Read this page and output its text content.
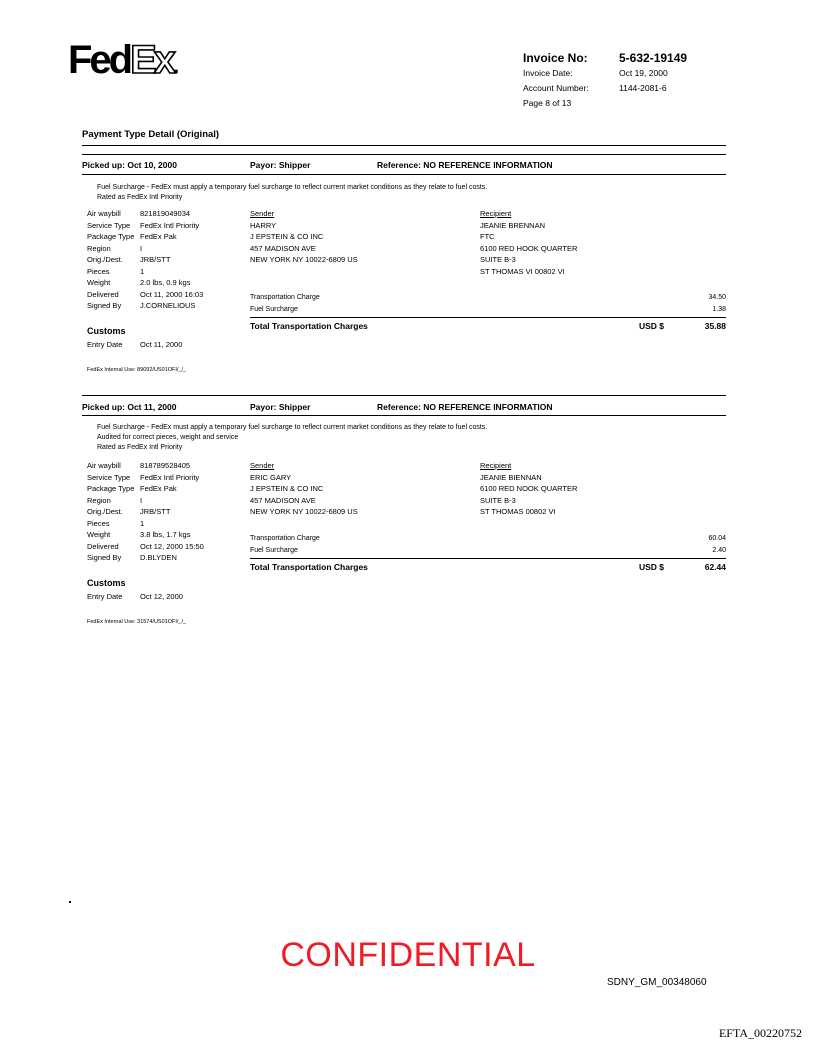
FedEx.	Invoice No:	5-632-19149
Invoice Date:	Oct 19, 2000
Account Number:	1144-2081-6
Page 8 of 13
Payment Type Detail (Original)
Picked up: Oct 10, 2000	Payor: Shipper	Reference: NO REFERENCE INFORMATION
Fuel Surcharge - FedEx must apply a temporary fuel surcharge to reflect current market conditions as they relate to fuel costs.
Rated as FedEx Intl Priority
Air waybill	821819049034
Service Type	FedEx Intl Priority
Package Type FedEx Pak
Region	I
Orig./Dest.	JRB/STT
Pieces	1
Weight	2.0 lbs, 0.9 kgs
Delivered	Oct 11, 2000 16:03
Signed By	J.CORNELIOUS
Sender
HARRY
J EPSTEIN & CO INC
457 MADISON AVE
NEW YORK NY 10022-6809 US
Recipient
JEANIE BRENNAN
FTC
6100 RED HOOK QUARTER
SUITE B-3
ST THOMAS VI 00802 VI
Transportation Charge	34.50
Fuel Surcharge	1.38
Total Transportation Charges	USD $	35.88
Customs
Entry Date	Oct 11, 2000
FedEx Internal Use: 89092/US01OFI/_/_
Picked up: Oct 11, 2000	Payor: Shipper	Reference: NO REFERENCE INFORMATION
Fuel Surcharge - FedEx must apply a temporary fuel surcharge to reflect current market conditions as they relate to fuel costs.
Audited for correct pieces, weight and service
Rated as FedEx Intl Priority
Air waybill	818789528405
Service Type	FedEx Intl Priority
Package Type FedEx Pak
Region	I
Orig./Dest.	JRB/STT
Pieces	1
Weight	3.8 lbs, 1.7 kgs
Delivered	Oct 12, 2000 15:50
Signed By	D.BLYDEN
Sender
ERIC GARY
J EPSTEIN & CO INC
457 MADISON AVE
NEW YORK NY 10022-6809 US
Recipient
JEANIE BIENNAN
6100 RED NOOK QUARTER
SUITE B-3
ST THOMAS 00802 VI
Transportation Charge	60.04
Fuel Surcharge	2.40
Total Transportation Charges	USD $	62.44
Customs
Entry Date	Oct 12, 2000
FedEx Internal Use: 31574/US01OFI/_/_
CONFIDENTIAL
SDNY_GM_00348060
EFTA_00220752
